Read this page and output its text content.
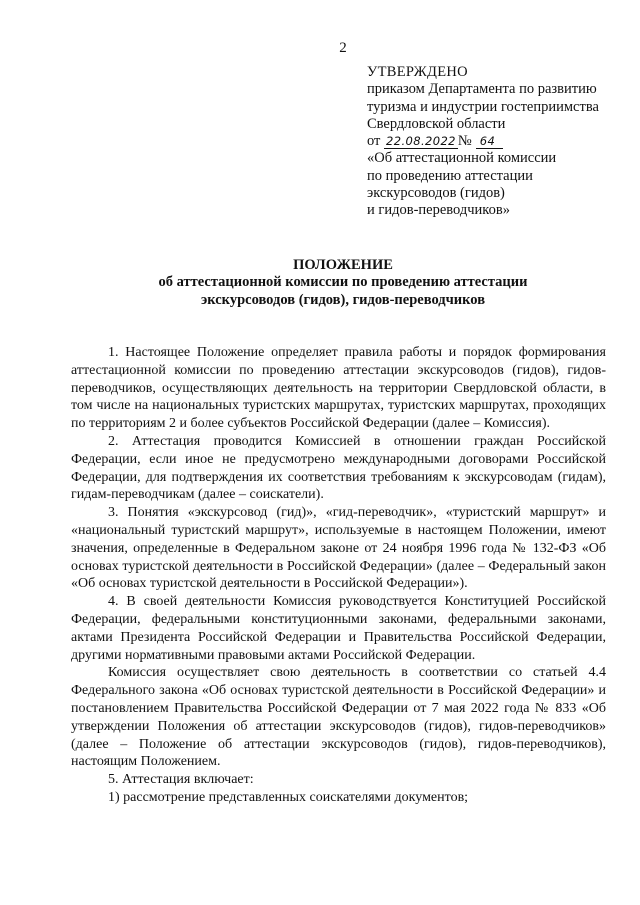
2
УТВЕРЖДЕНО
приказом Департамента по развитию
туризма и индустрии гостеприимства
Свердловской области
от 22.08.2022 № 64
«Об аттестационной комиссии
по проведению аттестации
экскурсоводов (гидов)
и гидов-переводчиков»
ПОЛОЖЕНИЕ
об аттестационной комиссии по проведению аттестации
экскурсоводов (гидов), гидов-переводчиков

1. Настоящее Положение определяет правила работы и порядок формирования аттестационной комиссии по проведению аттестации экскурсоводов (гидов), гидов-переводчиков, осуществляющих деятельность на территории Свердловской области, в том числе на национальных туристских маршрутах, туристских маршрутах, проходящих по территориям 2 и более субъектов Российской Федерации (далее – Комиссия).

2. Аттестация проводится Комиссией в отношении граждан Российской Федерации, если иное не предусмотрено международными договорами Российской Федерации, для подтверждения их соответствия требованиям к экскурсоводам (гидам), гидам-переводчикам (далее – соискатели).

3. Понятия «экскурсовод (гид)», «гид-переводчик», «туристский маршрут» и «национальный туристский маршрут», используемые в настоящем Положении, имеют значения, определенные в Федеральном законе от 24 ноября 1996 года № 132-ФЗ «Об основах туристской деятельности в Российской Федерации» (далее – Федеральный закон «Об основах туристской деятельности в Российской Федерации»).

4. В своей деятельности Комиссия руководствуется Конституцией Российской Федерации, федеральными конституционными законами, федеральными законами, актами Президента Российской Федерации и Правительства Российской Федерации, другими нормативными правовыми актами Российской Федерации.

Комиссия осуществляет свою деятельность в соответствии со статьей 4.4 Федерального закона «Об основах туристской деятельности в Российской Федерации» и постановлением Правительства Российской Федерации от 7 мая 2022 года № 833 «Об утверждении Положения об аттестации экскурсоводов (гидов), гидов-переводчиков» (далее – Положение об аттестации экскурсоводов (гидов), гидов-переводчиков), настоящим Положением.

5. Аттестация включает:

1) рассмотрение представленных соискателями документов;
